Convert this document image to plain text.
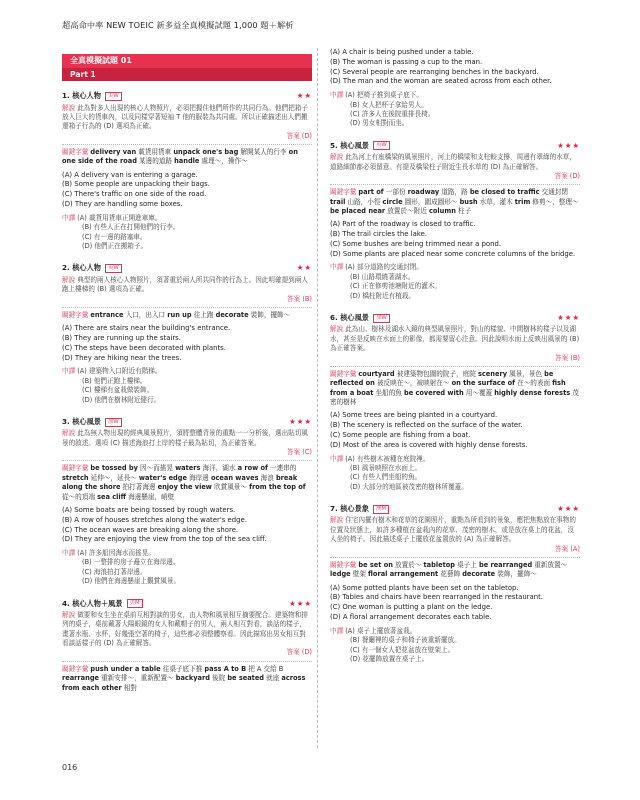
超高命中率 NEW TOEIC 新多益全真模擬試題 1,000 題＋解析
全真模擬試題 01
Part 1
1. 核心人物	美W	★★
解說 此為對多人出現的核心人物照片，必須把握住他們所作的共同行為。他們把箱子放入巨大的貨車內，以及同樣穿著短袖 T 他的服裝為共同處。所以正確描述出人們搬運箱子行為的 (D) 選項為正確。
答案 (D)
關鍵字彙 delivery van 載貨用貨車 unpack one's bag 解開某人的行李 on one side of the road 某邊的道路 handle 處理～，操作～
(A) A delivery van is entering a garage.
(B) Some people are unpacking their bags.
(C) There's traffic on one side of the road.
(D) They are handling some boxes.
中譯 (A) 載貨用貨車正開進車庫。
(B) 有些人正在打開他們的行李。
(C) 有一邊的路塞車。
(D) 他們正在搬箱子。
2. 核心人物	英W	★★
解說 典型的兩人核心人物照片，須著重於兩人所共同作的行為上。因此明確提到兩人跑上樓梯的 (B) 選項為正確。
答案 (B)
關鍵字彙 entrance 入口，出入口 run up 往上跑 decorate 裝飾，擺飾～
(A) There are stairs near the building's entrance.
(B) They are running up the stairs.
(C) The steps have been decorated with plants.
(D) They are hiking near the trees.
中譯 (A) 建築物入口附近有階梯。
(B) 他們正跑上樓梯。
(C) 樓梯有盆栽做裝飾。
(D) 他們在樹林附近健行。
3. 核心風景	加W	★★★
解說 此為無人物出現的經典風景照片，須將整體背景的重點一一分析後，選出貼切風景的敘述。選項 (C) 描述海浪打上岸的樣子最為貼切，為正確答案。
答案 (C)
關鍵字彙 be tossed by 因～而搖晃 waters 海洋，湖水 a row of 一連串的 stretch 延伸～，延長～ water's edge 海岸邊 ocean waves 海浪 break along the shore 拍打著海邊 enjoy the view 欣賞風景～ from the top of 從～的頂端 sea cliff 海邊懸崖，峭壁
(A) Some boats are being tossed by rough waters.
(B) A row of houses stretches along the water's edge.
(C) The ocean waves are breaking along the shore.
(D) They are enjoying the view from the top of the sea cliff.
中譯 (A) 許多船因海水而搖晃。
(B) 一整排的房子矗立在海岸邊。
(C) 海浪拍打著岸邊。
(D) 他們在海邊懸崖上觀賞風景。
4. 核心人物＋風景	美M	★★★
解說 做要和女生坐在桌前互相對談的男女，由人物和風景相互摘要配合。建築物和排列的桌子，桌前戴著大陽眼鏡的女人和戴帽子的男人，兩人相互對看，談話的樣子，畫著水瓶、水杯，好幾張空著的椅子，這些都必須整體察看。因此描寫出男女相互對看談話樣子的 (D) 為正確解答。
答案 (D)
關鍵字彙 push under a table 往桌子底下推 pass A to B 把 A 交給 B rearrange 重新安排～，重新配置～ backyard 後院 be seated 就座 across from each other 相對
(A) A chair is being pushed under a table.
(B) The woman is passing a cup to the man.
(C) Several people are rearranging benches in the backyard.
(D) The man and the woman are seated across from each other.
中譯 (A) 把椅子推到桌子底下。
(B) 女人把杯子拿給男人。
(C) 許多人在後院重排長椅。
(D) 男女相對而坐。
5. 核心風景	英W	★★★
解說 此為河上有座橋梁的風景照片，河上的橋梁和支柱較支撐，周邊有翠綠的水草，道路細節都必須留意。有提及橋梁柱子附近生長水草的 (D) 為正確解答。
答案 (D)
關鍵字彙 part of 一部份 roadway 道路，路 be closed to traffic 交通封閉 trail 山路，小徑 circle 圓形，圍成圓形～ bush 水草，灌木 trim 修剪～，整理～ be placed near 放置於～附近 column 柱子
(A) Part of the roadway is closed to traffic.
(B) The trail circles the lake.
(C) Some bushes are being trimmed near a pond.
(D) Some plants are placed near some concrete columns of the bridge.
中譯 (A) 部分道路的交通封閉。
(B) 山路環繞著湖水。
(C) 正在修剪池塘附近的灌木。
(D) 橋柱附近有植栽。
6. 核心風景	加W	★★★
解說 此為山、樹林及湖水入鏡的典型風景照片，對山的樣貌、中間樹林的樣子以及湖水，甚至是反映在水面上的影像，都需要留心注意。因此說明水面上反映出風景的 (B) 為正確答案。
答案 (B)
關鍵字彙 courtyard 被建築物包圍的院子，庭院 scenery 風景，景色 be reflected on 被反映在～，被映射在～ on the surface of 在～的表面 fish from a boat 坐船的魚 be covered with 用～覆蓋 highly dense forests 茂密的樹林
(A) Some trees are being planted in a courtyard.
(B) The scenery is reflected on the surface of the water.
(C) Some people are fishing from a boat.
(D) Most of the area is covered with highly dense forests.
中譯 (A) 有些樹木被種在庭院裡。
(B) 風景映照在水面上。
(C) 有些人們坐船的魚。
(D) 大部分的地區被茂密的樹林所覆蓋。
7. 核心景象	澳M	★★★
解說 住宅內擺有樹木和花草的花園照片，重點為所看到的景象，應把焦點放在事物的位置及狀態上，如許多種植在盆栽內的花草、茂密的樹木，或是放在桌上的花盆，沒人坐的椅子。因此描述桌子上擺放花盆置放的 (A) 為正確解答。
答案 (A)
關鍵字彙 be set on 放置於～ tabletop 桌子上 be rearranged 重新放置～ ledge 壁架 floral arrangement 花藝飾 decorate 裝飾，擺飾～
(A) Some potted plants have been set on the tabletop.
(B) Tables and chairs have been rearranged in the restaurant.
(C) One woman is putting a plant on the ledge.
(D) A floral arrangement decorates each table.
中譯 (A) 桌子上擺放著盆栽。
(B) 餐廳裡的桌子和椅子被重新擺放。
(C) 有一個女人把花盆放在壁架上。
(D) 花擺飾放置在桌子上。
016
